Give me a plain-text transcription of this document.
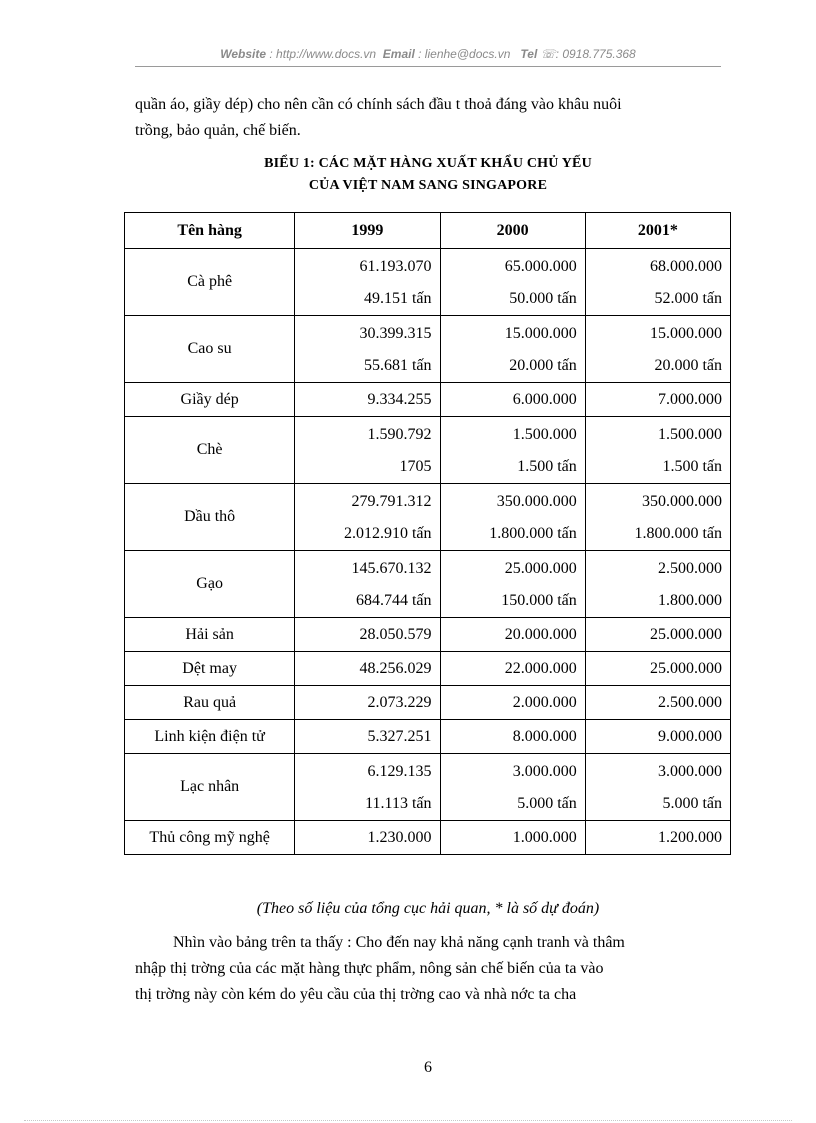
Website : http://www.docs.vn Email : lienhe@docs.vn Tel ☏: 0918.775.368
quần áo, giầy dép) cho nên cần có chính sách đầu t thoả đáng vào khâu nuôi
trồng, bảo quản, chế biến.
BIỂU 1: CÁC MẶT HÀNG XUẤT KHẨU CHỦ YẾU
CỦA VIỆT NAM SANG SINGAPORE
Tên hàng	1999	2000	2001*
Cà phê	61.193.070	65.000.000	68.000.000
	49.151 tấn	50.000 tấn	52.000 tấn
Cao su	30.399.315	15.000.000	15.000.000
	55.681 tấn	20.000 tấn	20.000 tấn
Giầy dép	9.334.255	6.000.000	7.000.000
Chè	1.590.792	1.500.000	1.500.000
	1705	1.500 tấn	1.500 tấn
Dầu thô	279.791.312	350.000.000	350.000.000
	2.012.910 tấn	1.800.000 tấn	1.800.000 tấn
Gạo	145.670.132	25.000.000	2.500.000
	684.744 tấn	150.000 tấn	1.800.000
Hải sản	28.050.579	20.000.000	25.000.000
Dệt may	48.256.029	22.000.000	25.000.000
Rau quả	2.073.229	2.000.000	2.500.000
Linh kiện điện tử	5.327.251	8.000.000	9.000.000
Lạc nhân	6.129.135	3.000.000	3.000.000
	11.113 tấn	5.000 tấn	5.000 tấn
Thủ công mỹ nghệ	1.230.000	1.000.000	1.200.000
(Theo số liệu của tổng cục hải quan, * là số dự đoán)
Nhìn vào bảng trên ta thấy : Cho đến nay khả năng cạnh tranh và thâm
nhập thị trờng của các mặt hàng thực phẩm, nông sản chế biến của ta vào
thị trờng này còn kém do yêu cầu của thị trờng cao và nhà nớc ta cha
6
